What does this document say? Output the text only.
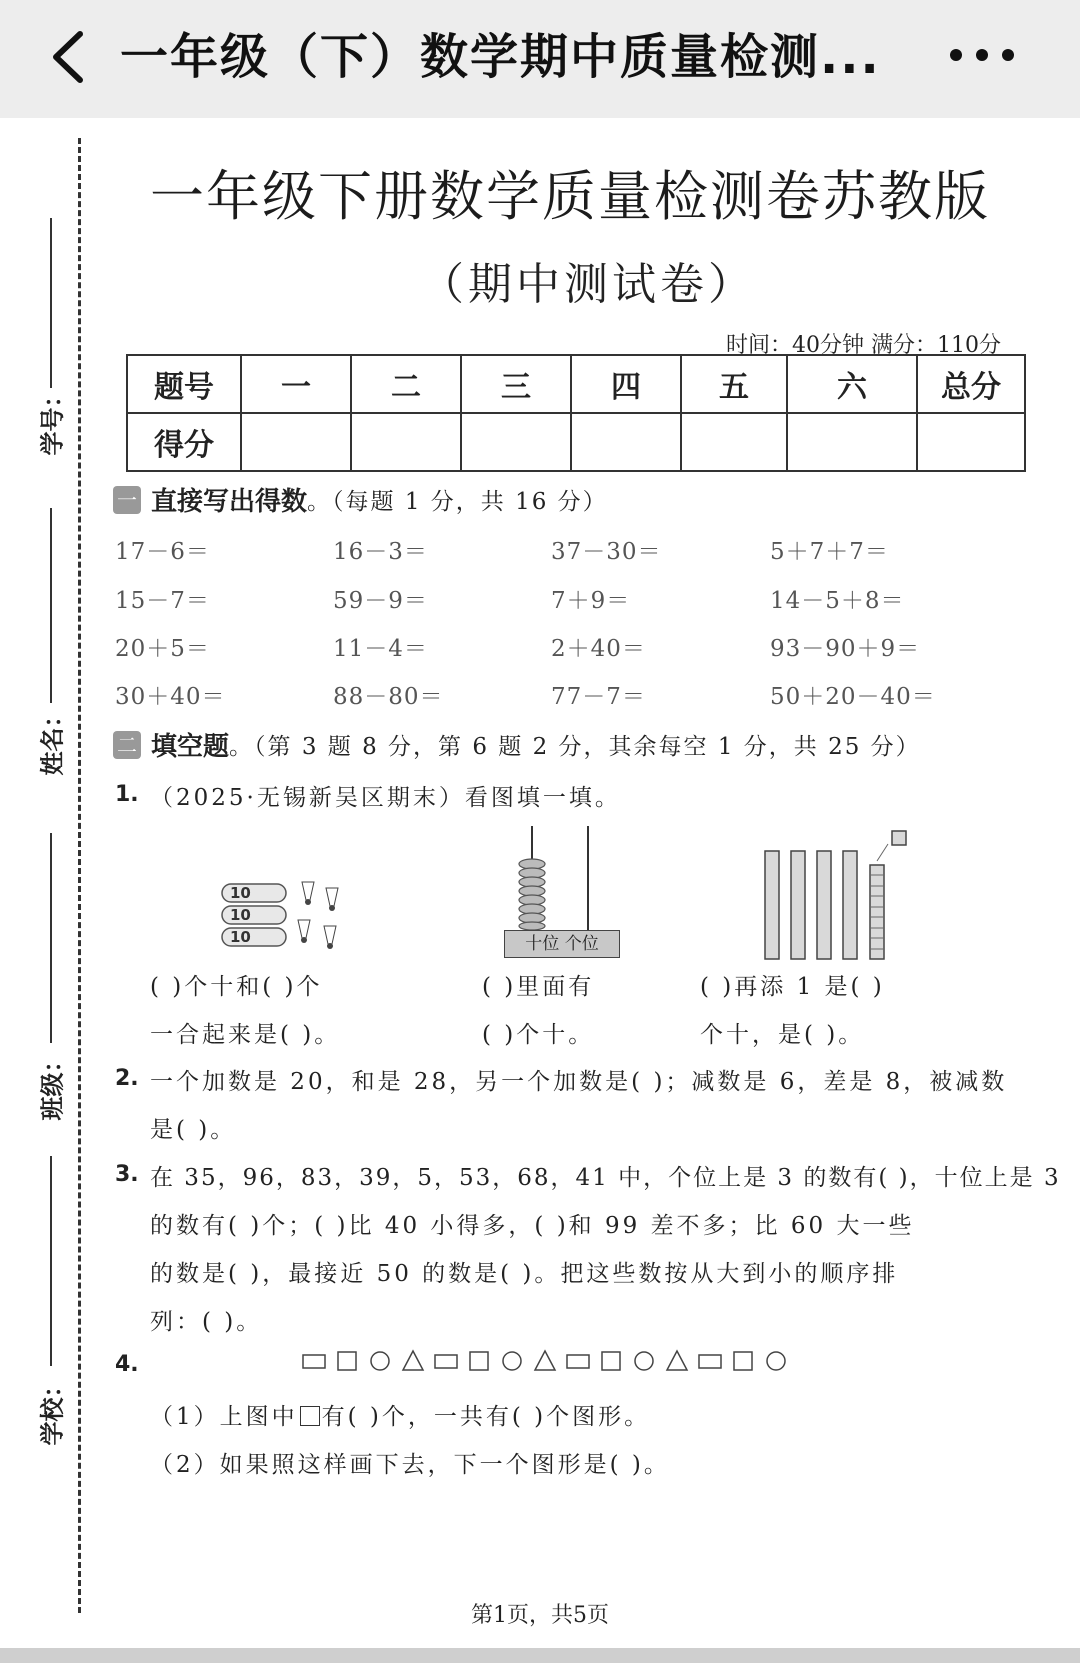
一年级（下）数学期中质量检测...
学号：
姓名：
班级：
学校：
一年级下册数学质量检测卷苏教版
（期中测试卷）
时间：40分钟 满分：110分
题号	一	二	三	四	五	六	总分
得分							
一 直接写出得数。（每题 1 分，共 16 分）
17－6＝	16－3＝	37－30＝	5＋7＋7＝
15－7＝	59－9＝	7＋9＝	14－5＋8＝
20＋5＝	11－4＝	2＋40＝	93－90＋9＝
30＋40＝	88－80＝	77－7＝	50＋20－40＝
二 填空题。（第 3 题 8 分，第 6 题 2 分，其余每空 1 分，共 25 分）
1. （2025·无锡新吴区期末）看图填一填。
10
10
10	十位 个位
( )个十和( )个
一合起来是( )。
( )里面有
( )个十。
( )再添 1 是( )
个十，是( )。
2. 一个加数是 20，和是 28，另一个加数是( )；减数是 6，差是 8，被减数
是( )。
3. 在 35，96，83，39，5，53，68，41 中，个位上是 3 的数有( )，十位上是 3
的数有( )个；( )比 40 小得多，( )和 99 差不多；比 60 大一些
的数是( )，最接近 50 的数是( )。把这些数按从大到小的顺序排
列：( )。
4.
（1）上图中 有( )个，一共有( )个图形。
（2）如果照这样画下去，下一个图形是( )。
第1页，共5页
